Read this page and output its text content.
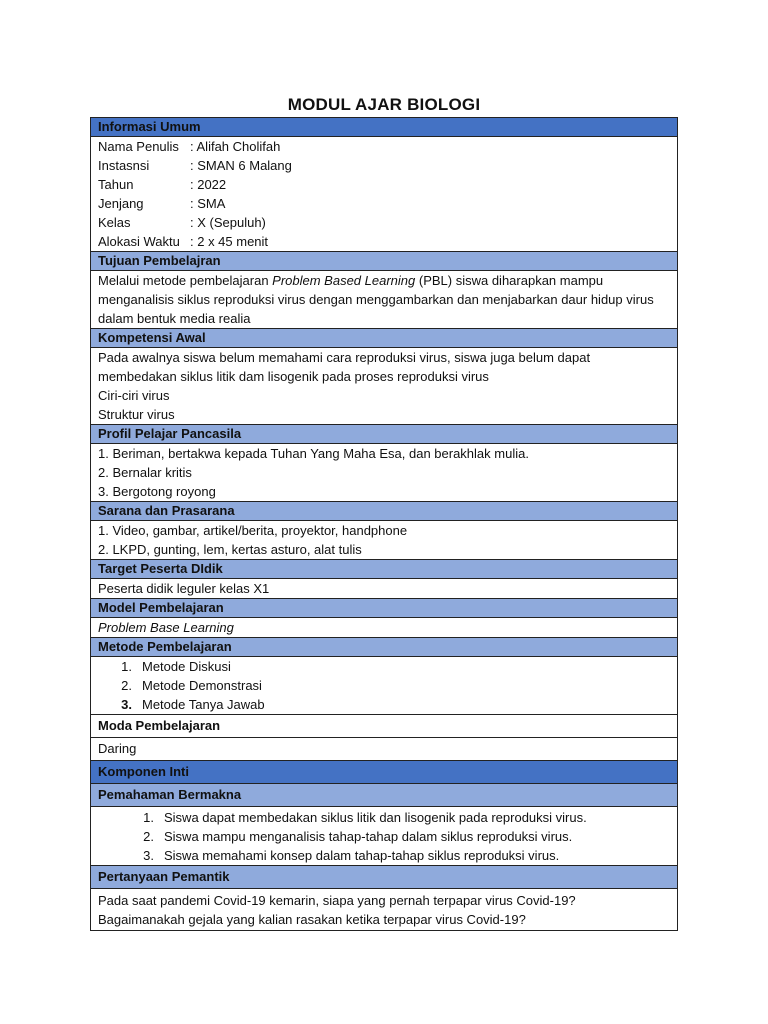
MODUL AJAR BIOLOGI
Informasi Umum

Nama Penulis : Alifah Cholifah
Instasnsi	: SMAN 6 Malang
Tahun	: 2022
Jenjang	: SMA
Kelas	: X (Sepuluh)
Alokasi Waktu : 2 x 45 menit

Tujuan Pembelajran
Melalui metode pembelajaran Problem Based Learning (PBL) siswa diharapkan mampu menganalisis siklus reproduksi virus dengan menggambarkan dan menjabarkan daur hidup virus dalam bentuk media realia
Kompetensi Awal

Pada awalnya siswa belum memahami cara reproduksi virus, siswa juga belum dapat membedakan siklus litik dam lisogenik pada proses reproduksi virus
Ciri-ciri virus
Struktur virus

Profil Pelajar Pancasila

1. Beriman, bertakwa kepada Tuhan Yang Maha Esa, dan berakhlak mulia.
2. Bernalar kritis
3. Bergotong royong

Sarana dan Prasarana

1. Video, gambar, artikel/berita, proyektor, handphone
2. LKPD, gunting, lem, kertas asturo, alat tulis

Target Peserta DIdik
Peserta didik leguler kelas X1
Model Pembelajaran
Problem Base Learning
Metode Pembelajaran

1. Metode Diskusi
2. Metode Demonstrasi
3. Metode Tanya Jawab

Moda Pembelajaran
Daring
Komponen Inti
Pemahaman Bermakna

1. Siswa dapat membedakan siklus litik dan lisogenik pada reproduksi virus.
2. Siswa mampu menganalisis tahap-tahap dalam siklus reproduksi virus.
3. Siswa memahami konsep dalam tahap-tahap siklus reproduksi virus.

Pertanyaan Pemantik

Pada saat pandemi Covid-19 kemarin, siapa yang pernah terpapar virus Covid-19?
Bagaimanakah gejala yang kalian rasakan ketika terpapar virus Covid-19?
